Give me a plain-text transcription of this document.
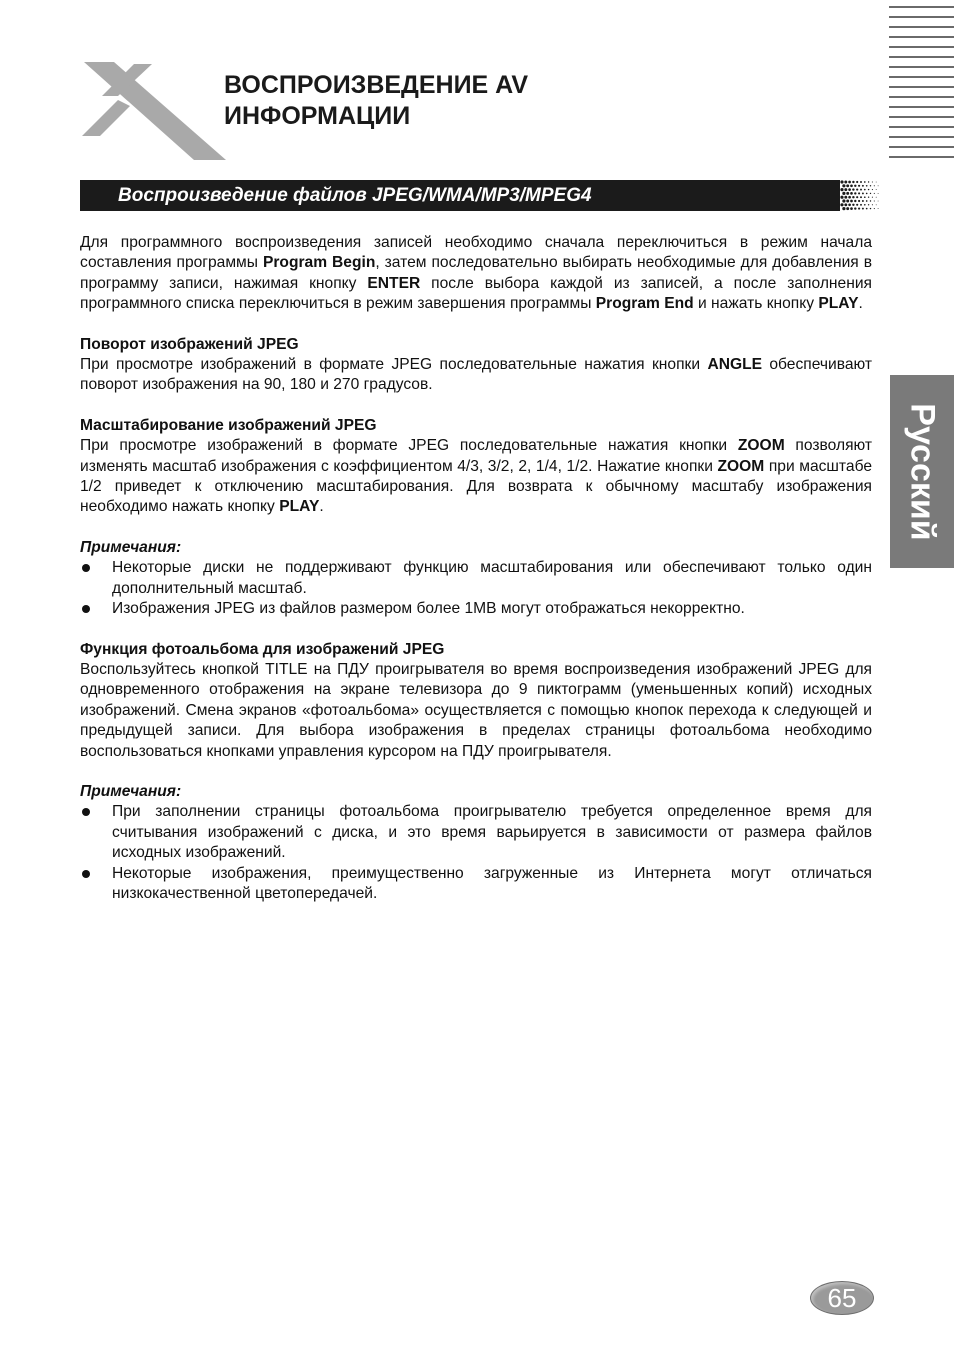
ВОСПРОИЗВЕДЕНИЕ AV
ИНФОРМАЦИИ
Русский
Воспроизведение файлов JPEG/WMA/MP3/MPEG4

Для программного воспроизведения записей необходимо сначала переключиться в режим начала составления программы Program Begin, затем последовательно выбирать необходимые для добавления в программу записи, нажимая кнопку ENTER после выбора каждой из записей, а после заполнения программного списка переключиться в режим завершения программы Program End и нажать кнопку PLAY.

Поворот изображений JPEG

При просмотре изображений в формате JPEG последовательные нажатия кнопки ANGLE обеспечивают поворот изображения на 90, 180 и 270 градусов.

Масштабирование изображений JPEG

При просмотре изображений в формате JPEG последовательные нажатия кнопки ZOOM позволяют изменять масштаб изображения с коэффициентом 4/3, 3/2, 2, 1/4, 1/2. Нажатие кнопки ZOOM при масштабе 1/2 приведет к отключению масштабирования. Для возврата к обычному масштабу изображения необходимо нажать кнопку PLAY.

Примечания:

Некоторые диски не поддерживают функцию масштабирования или обеспечивают только один дополнительный масштаб.
Изображения JPEG из файлов размером более 1MB могут отображаться некорректно.

Функция фотоальбома для изображений JPEG

Воспользуйтесь кнопкой TITLE на ПДУ проигрывателя во время воспроизведения изображений JPEG для одновременного отображения на экране телевизора до 9 пиктограмм (уменьшенных копий) исходных изображений. Смена экранов «фотоальбома» осуществляется с помощью кнопок перехода к следующей и предыдущей записи. Для выбора изображения в пределах страницы фотоальбома необходимо воспользоваться кнопками управления курсором на ПДУ проигрывателя.

Примечания:

При заполнении страницы фотоальбома проигрывателю требуется определенное время для считывания изображений с диска, и это время варьируется в зависимости от размера файлов исходных изображений.
Некоторые изображения, преимущественно загруженные из Интернета могут отличаться низкокачественной цветопередачей.
65
